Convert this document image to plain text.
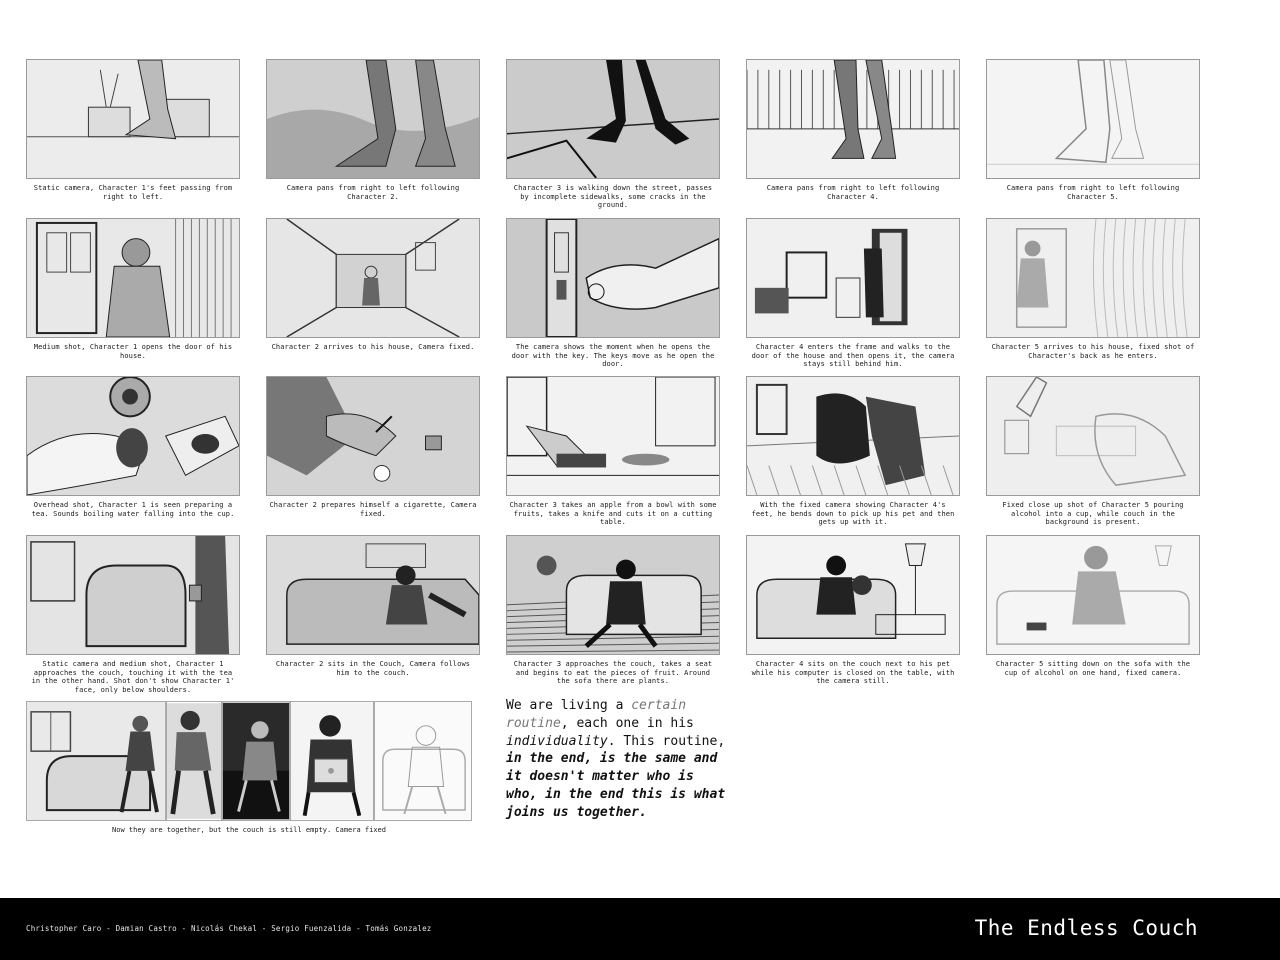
Static camera, Character 1's feet passing from right to left.
Camera pans from right to left following Character 2.
Character 3 is walking down the street, passes by incomplete sidewalks, some cracks in the ground.
Camera pans from right to left following Character 4.
Camera pans from right to left following Character 5.
Medium shot, Character 1 opens the door of his house.
Character 2 arrives to his house, Camera fixed.	The camera shows the moment when he opens the door with the key. The keys move as he open the door.
Character 4 enters the frame and walks to the door of the house and then opens it, the camera stays still behind him.
Character 5 arrives to his house, fixed shot of Character's back as he enters.
Overhead shot, Character 1 is seen preparing a tea. Sounds boiling water falling into the cup.
Character 2 prepares himself a cigarette, Camera fixed.
Character 3 takes an apple from a bowl with some fruits, takes a knife and cuts it on a cutting table.
With the fixed camera showing Character 4's feet, he bends down to pick up his pet and then gets up with it.
Fixed close up shot of Character 5 pouring alcohol into a cup, while couch in the background is present.
Static camera and medium shot, Character 1 approaches the couch, touching it with the tea in the other hand. Shot don't show Character 1' face, only below shoulders.
Character 2 sits in the Couch, Camera follows him to the couch.
Character 3 approaches the couch, takes a seat and begins to eat the pieces of fruit. Around the sofa there are plants.
Character 4 sits on the couch next to his pet while his computer is closed on the table, with the camera still.
Character 5 sitting down on the sofa with the cup of alcohol on one hand, fixed camera.
Now they are together, but the couch is still empty. Camera fixed
We are living a certain routine, each one in his individuality. This routine, in the end, is the same and it doesn't matter who is who, in the end this is what joins us together.
Christopher Caro - Damian Castro - Nicolás Chekal - Sergio Fuenzalida - Tomás Gonzalez	The Endless Couch
